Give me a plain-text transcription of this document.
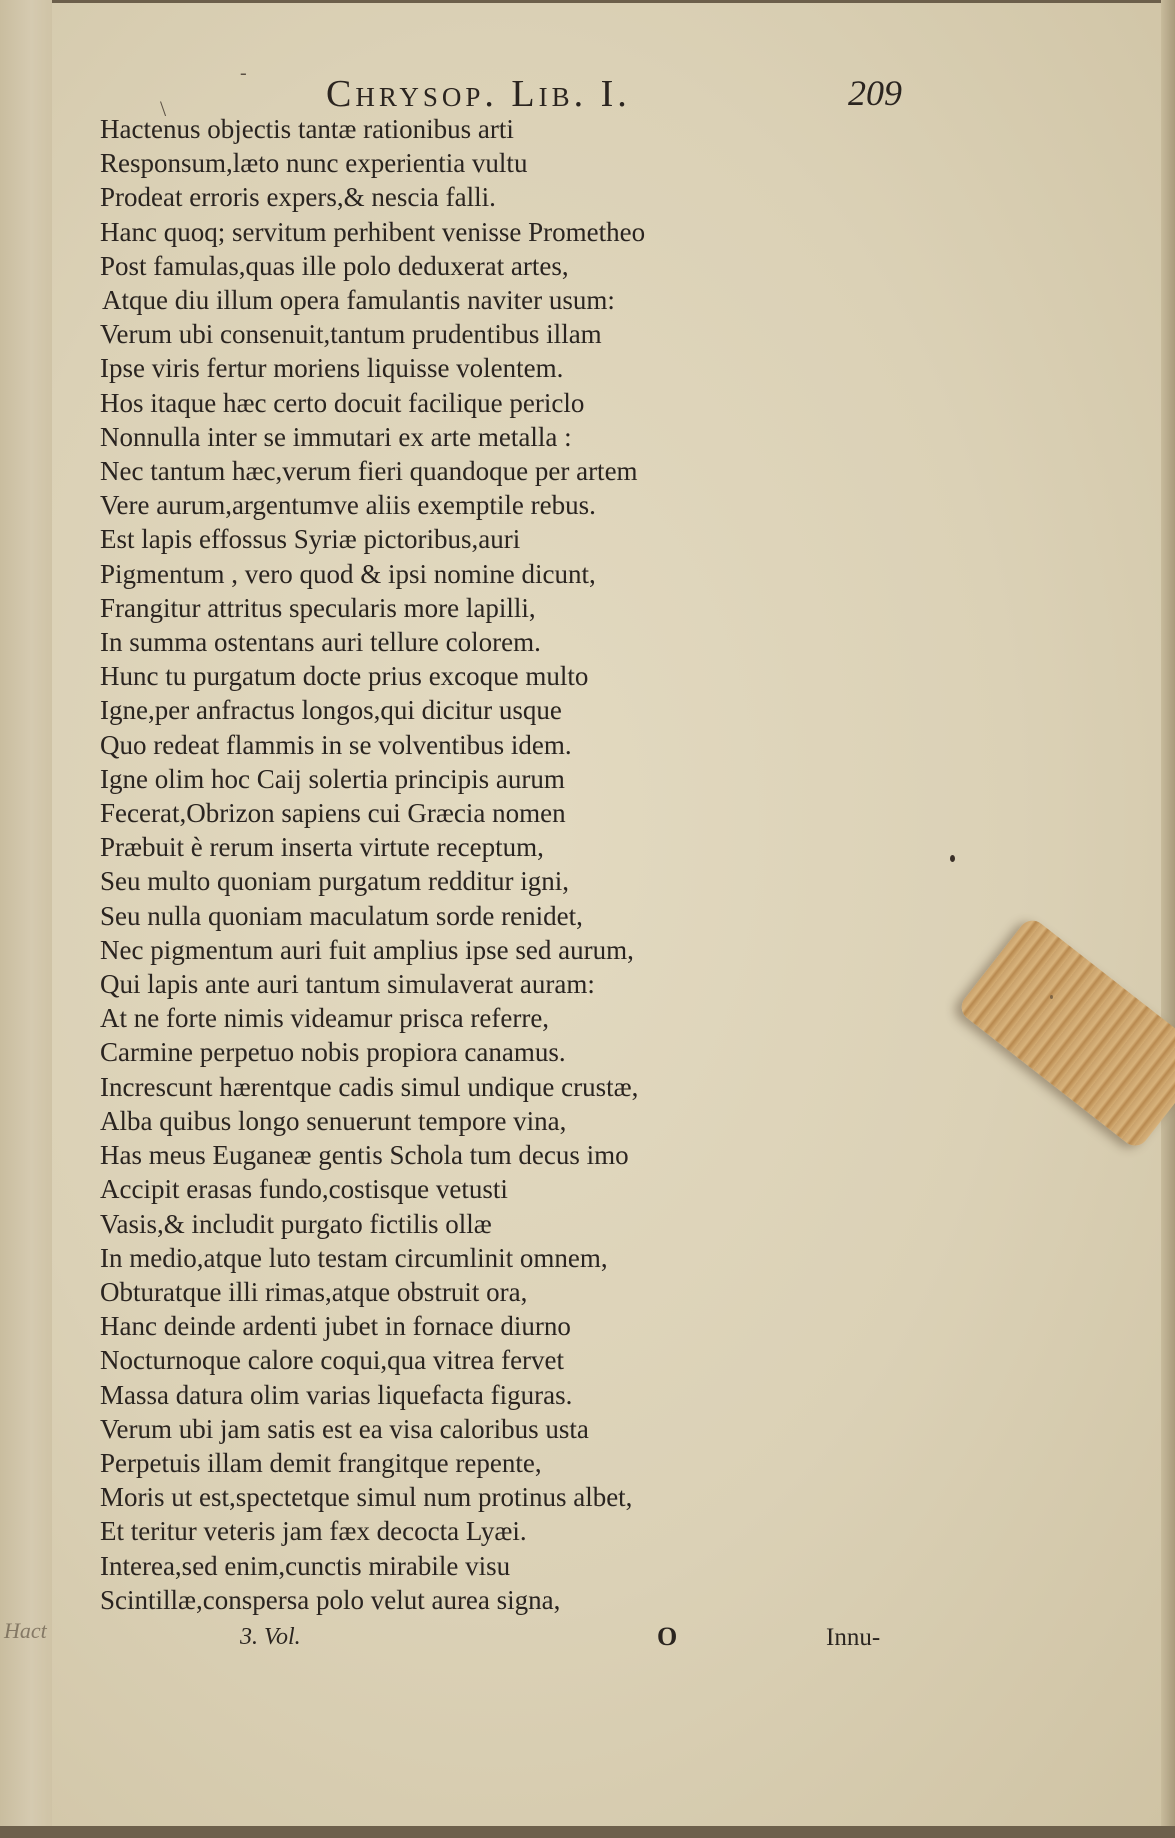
Chrysop. Lib. I.	209
\
-
Hactenus objectis tantæ rationibus arti
Responsum,læto nunc experientia vultu
Prodeat erroris expers,& nescia falli.
Hanc quoq; servitum perhibent venisse Prometheo
Post famulas,quas ille polo deduxerat artes,
Atque diu illum opera famulantis naviter usum:
Verum ubi consenuit,tantum prudentibus illam
Ipse viris fertur moriens liquisse volentem.
Hos itaque hæc certo docuit facilique periclo
Nonnulla inter se immutari ex arte metalla :
Nec tantum hæc,verum fieri quandoque per artem
Vere aurum,argentumve aliis exemptile rebus.
Est lapis effossus Syriæ pictoribus,auri
Pigmentum , vero quod & ipsi nomine dicunt,
Frangitur attritus specularis more lapilli,
In summa ostentans auri tellure colorem.
Hunc tu purgatum docte prius excoque multo
Igne,per anfractus longos,qui dicitur usque
Quo redeat flammis in se volventibus idem.
Igne olim hoc Caij solertia principis aurum
Fecerat,Obrizon sapiens cui Græcia nomen
Præbuit è rerum inserta virtute receptum,
Seu multo quoniam purgatum redditur igni,
Seu nulla quoniam maculatum sorde renidet,
Nec pigmentum auri fuit amplius ipse sed aurum,
Qui lapis ante auri tantum simulaverat auram:
At ne forte nimis videamur prisca referre,
Carmine perpetuo nobis propiora canamus.
Increscunt hærentque cadis simul undique crustæ,
Alba quibus longo senuerunt tempore vina,
Has meus Euganeæ gentis Schola tum decus imo
Accipit erasas fundo,costisque vetusti
Vasis,& includit purgato fictilis ollæ
In medio,atque luto testam circumlinit omnem,
Obturatque illi rimas,atque obstruit ora,
Hanc deinde ardenti jubet in fornace diurno
Nocturnoque calore coqui,qua vitrea fervet
Massa datura olim varias liquefacta figuras.
Verum ubi jam satis est ea visa caloribus usta
Perpetuis illam demit frangitque repente,
Moris ut est,spectetque simul num protinus albet,
Et teritur veteris jam fæx decocta Lyæi.
Interea,sed enim,cunctis mirabile visu
Scintillæ,conspersa polo velut aurea signa,
3. Vol.	O	Innu-
Hact
